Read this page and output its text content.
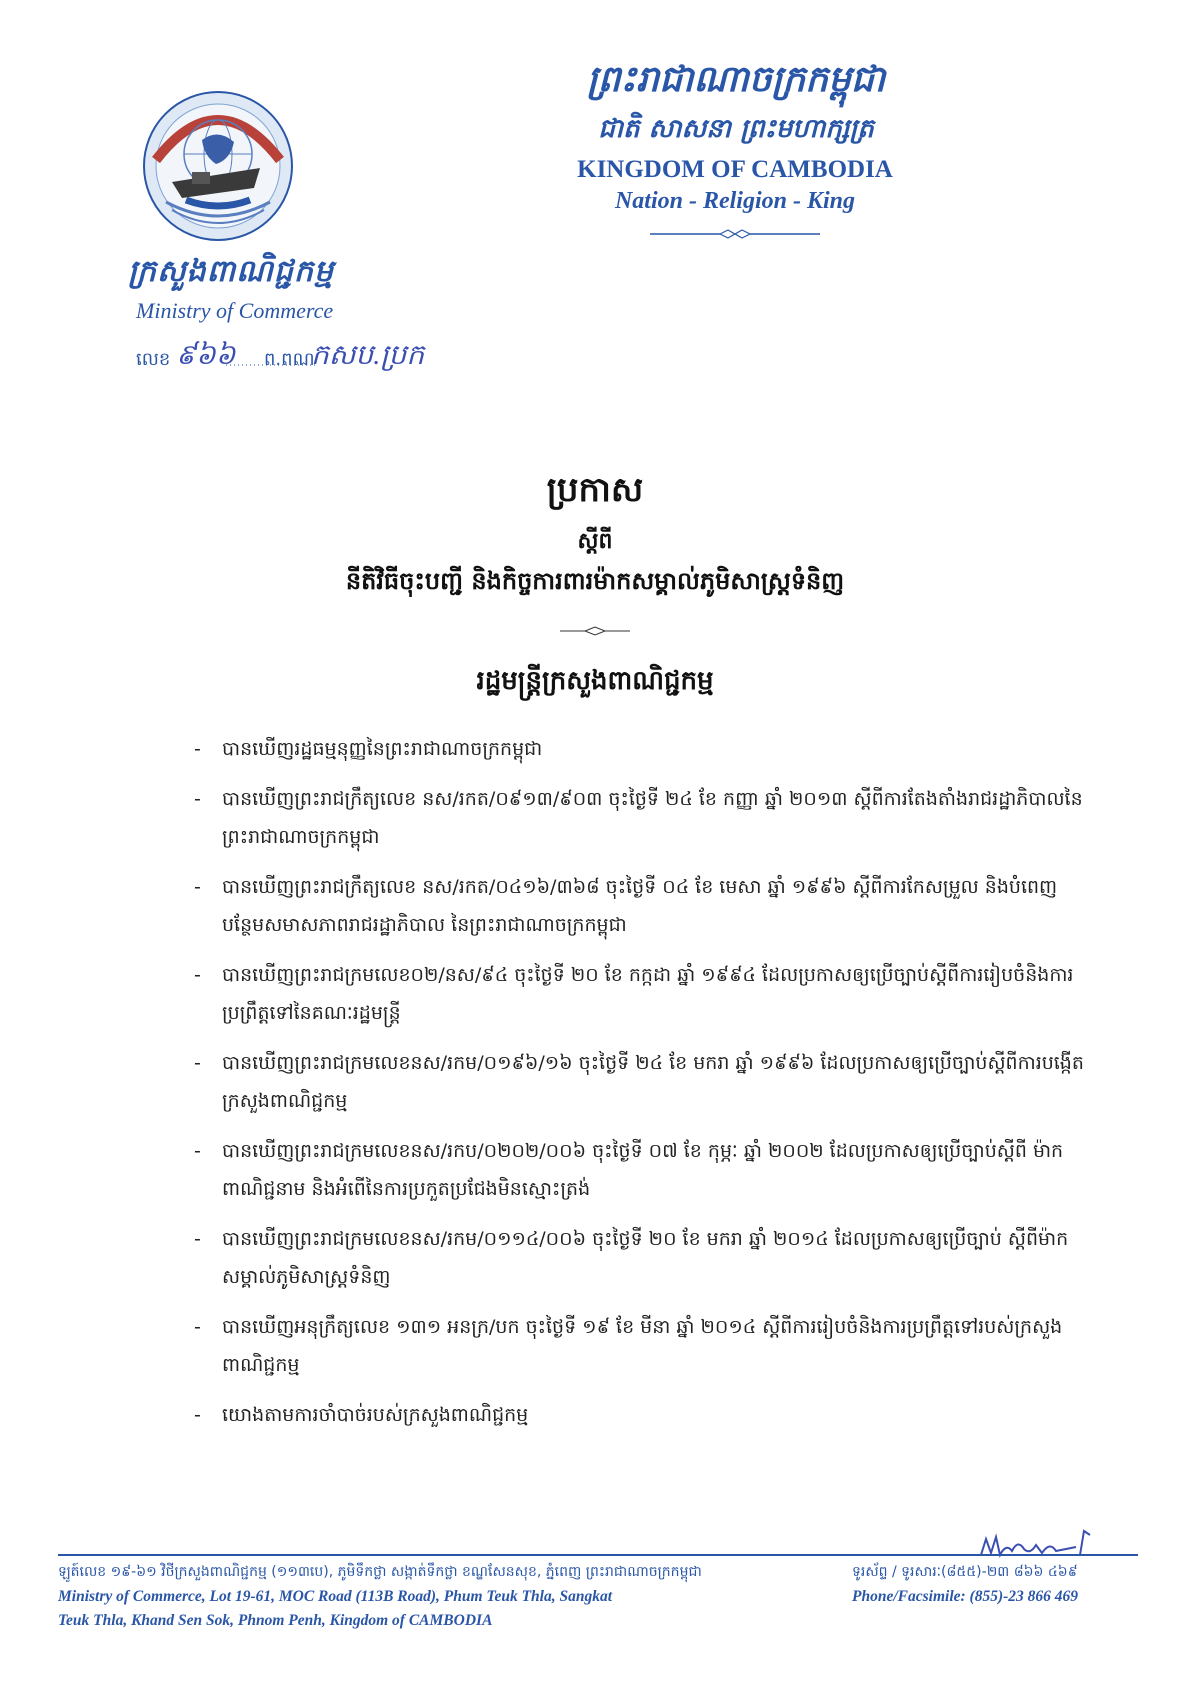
ក្រសួងពាណិជ្ជកម្ម
Ministry of Commerce
លេខ ៩៦៦ ព.ពណ
កសប.ប្រក
ព្រះរាជាណាចក្រកម្ពុជា
ជាតិ សាសនា ព្រះមហាក្សត្រ
KINGDOM OF CAMBODIA
Nation - Religion - King
ប្រកាស
ស្តីពី
នីតិវិធីចុះបញ្ជី និងកិច្ចការពារម៉ាកសម្គាល់ភូមិសាស្ត្រទំនិញ
រដ្ឋមន្ត្រីក្រសួងពាណិជ្ជកម្ម
- បានឃើញរដ្ឋធម្មនុញ្ញនៃព្រះរាជាណាចក្រកម្ពុជា
- បានឃើញព្រះរាជក្រឹត្យលេខ នស/រកត/០៩១៣/៩០៣ ចុះថ្ងៃទី ២៤ ខែ កញ្ញា ឆ្នាំ ២០១៣ ស្តីពីការតែងតាំងរាជរដ្ឋាភិបាលនៃព្រះរាជាណាចក្រកម្ពុជា
- បានឃើញព្រះរាជក្រឹត្យលេខ នស/រកត/០៤១៦/៣៦៨ ចុះថ្ងៃទី ០៤ ខែ មេសា ឆ្នាំ ១៩៩៦ ស្តីពីការកែសម្រួល និងបំពេញបន្ថែមសមាសភាពរាជរដ្ឋាភិបាល នៃព្រះរាជាណាចក្រកម្ពុជា
- បានឃើញព្រះរាជក្រមលេខ០២/នស/៩៤ ចុះថ្ងៃទី ២០ ខែ កក្កដា ឆ្នាំ ១៩៩៤ ដែលប្រកាសឲ្យប្រើច្បាប់ស្តីពីការរៀបចំនិងការប្រព្រឹត្តទៅនៃគណៈរដ្ឋមន្ត្រី
- បានឃើញព្រះរាជក្រមលេខនស/រកម/០១៩៦/១៦ ចុះថ្ងៃទី ២៤ ខែ មករា ឆ្នាំ ១៩៩៦ ដែលប្រកាសឲ្យប្រើច្បាប់ស្តីពីការបង្កើតក្រសួងពាណិជ្ជកម្ម
- បានឃើញព្រះរាជក្រមលេខនស/រកប/០២០២/០០៦ ចុះថ្ងៃទី ០៧ ខែ កុម្ភៈ ឆ្នាំ ២០០២ ដែលប្រកាសឲ្យប្រើច្បាប់ស្តីពី ម៉ាក ពាណិជ្ជនាម និងអំពើនៃការប្រកួតប្រជែងមិនស្មោះត្រង់
- បានឃើញព្រះរាជក្រមលេខនស/រកម/០១១៤/០០៦ ចុះថ្ងៃទី ២០ ខែ មករា ឆ្នាំ ២០១៤ ដែលប្រកាសឲ្យប្រើច្បាប់ ស្តីពីម៉ាកសម្គាល់ភូមិសាស្ត្រទំនិញ
- បានឃើញអនុក្រឹត្យលេខ ១៣១ អនក្រ/បក ចុះថ្ងៃទី ១៩ ខែ មីនា ឆ្នាំ ២០១៤ ស្តីពីការរៀបចំនិងការប្រព្រឹត្តទៅរបស់ក្រសួងពាណិជ្ជកម្ម
- យោងតាមការចាំបាច់របស់ក្រសួងពាណិជ្ជកម្ម
ឡូត៍លេខ ១៩-៦១ វិថីក្រសួងពាណិជ្ជកម្ម (១១៣បេ), ភូមិទឹកថ្លា សង្កាត់ទឹកថ្លា ខណ្ឌសែនសុខ, ភ្នំពេញ ព្រះរាជាណាចក្រកម្ពុជា
Ministry of Commerce, Lot 19-61, MOC Road (113B Road), Phum Teuk Thla, Sangkat
Teuk Thla, Khand Sen Sok, Phnom Penh, Kingdom of CAMBODIA
ទូរស័ព្ទ / ទូរសារៈ(៨៥៥)-២៣ ៨៦៦ ៤៦៩
Phone/Facsimile: (855)-23 866 469
